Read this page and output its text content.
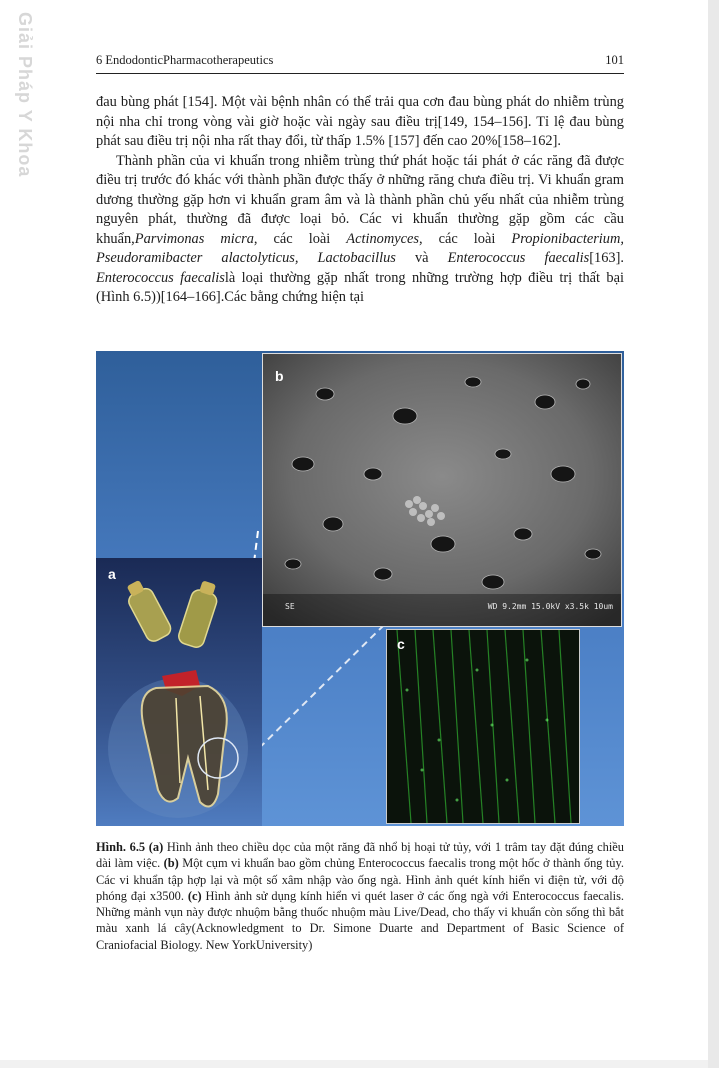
Giải Pháp Y Khoa	6 EndodonticPharmacotherapeutics	101

đau bùng phát [154]. Một vài bệnh nhân có thể trải qua cơn đau bùng phát do nhiễm trùng nội nha chỉ trong vòng vài giờ hoặc vài ngày sau điều trị[149, 154–156]. Tỉ lệ đau bùng phát sau điều trị nội nha rất thay đổi, từ thấp 1.5% [157] đến cao 20%[158–162].

Thành phần của vi khuẩn trong nhiễm trùng thứ phát hoặc tái phát ở các răng đã được điều trị trước đó khác với thành phần được thấy ở những răng chưa điều trị. Vi khuẩn gram dương thường gặp hơn vi khuẩn gram âm và là thành phần chủ yếu nhất của nhiễm trùng nguyên phát, thường đã được loại bỏ. Các vi khuẩn thường gặp gồm các cầu khuẩn,Parvimonas micra, các loài Actinomyces, các loài Propionibacterium, Pseudoramibacter alactolyticus, Lactobacillus và Enterococcus faecalis[163]. Enterococcus faecalislà loại thường gặp nhất trong những trường hợp điều trị thất bại (Hình 6.5))[164–166].Các bằng chứng hiện tại

a
b
SE	WD 9.2mm 15.0kV x3.5k 10um
c
Hình. 6.5 (a) Hình ảnh theo chiều dọc của một răng đã nhổ bị hoại tử tủy, với 1 trâm tay đặt đúng chiều dài làm việc. (b) Một cụm vi khuẩn bao gồm chủng Enterococcus faecalis trong một hốc ở thành ống tủy. Các vi khuẩn tập hợp lại và một số xâm nhập vào ống ngà. Hình ảnh quét kính hiển vi điện tử, với độ phóng đại x3500. (c) Hình ảnh sử dụng kính hiển vi quét laser ở các ống ngà với Enterococcus faecalis. Những mảnh vụn này được nhuộm bằng thuốc nhuộm màu Live/Dead, cho thấy vi khuẩn còn sống thì bắt màu xanh lá cây(Acknowledgment to Dr. Simone Duarte and Department of Basic Science of Craniofacial Biology. New YorkUniversity)
